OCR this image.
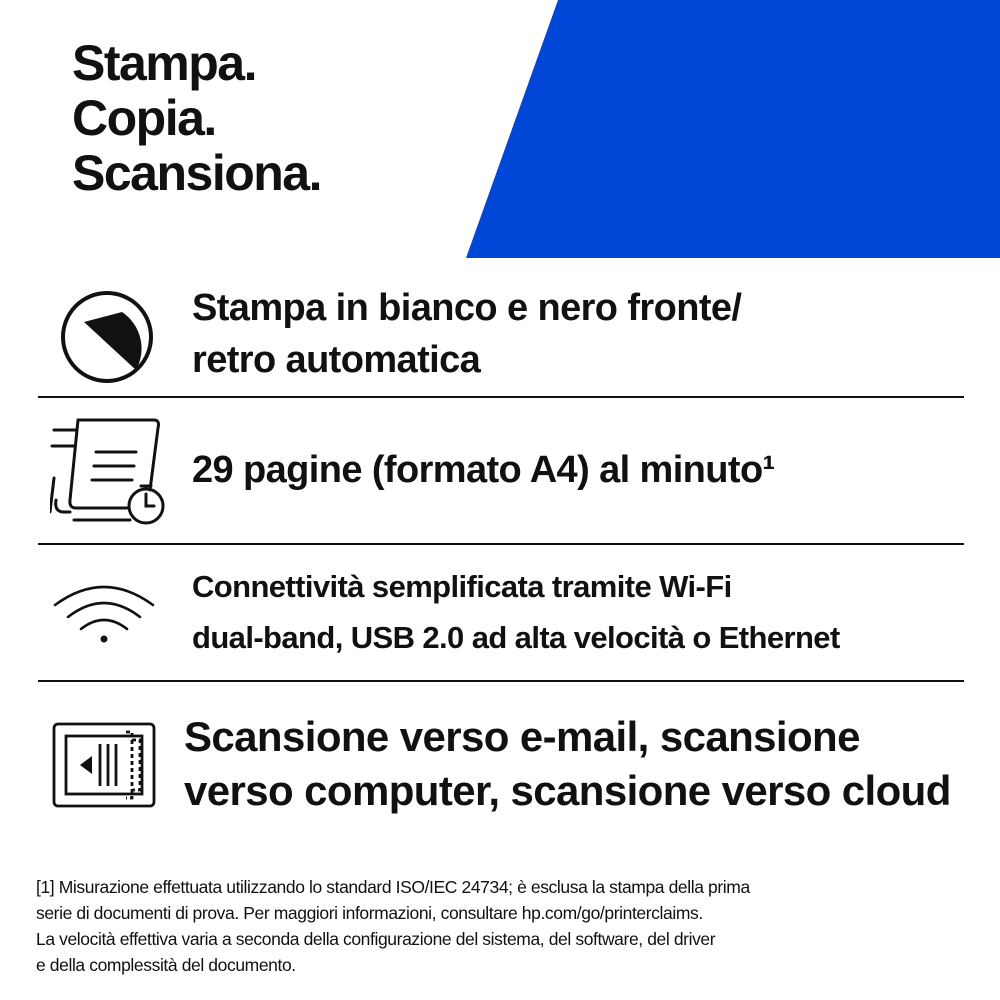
Stampa.
Copia.
Scansiona.
Stampa in bianco e nero fronte/
retro automatica
29 pagine (formato A4) al minuto¹
Connettività semplificata tramite Wi-Fi
dual-band, USB 2.0 ad alta velocità o Ethernet
Scansione verso e-mail, scansione
verso computer, scansione verso cloud
[1] Misurazione effettuata utilizzando lo standard ISO/IEC 24734; è esclusa la stampa della prima
serie di documenti di prova. Per maggiori informazioni, consultare hp.com/go/printerclaims.
La velocità effettiva varia a seconda della configurazione del sistema, del software, del driver
e della complessità del documento.
